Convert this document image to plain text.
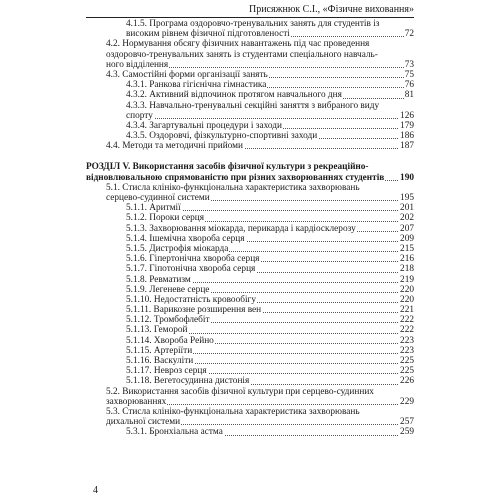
Присяжнюк С.І., «Фізичне виховання»
4.1.5. Програма оздоровчо-тренувальних занять для студентів із
високим рівнем фізичної підготовленості	72
4.2. Нормування обсягу фізичних навантажень під час проведення
оздоровчо-тренувальних занять із студентами спеціального навчаль-
ного відділення	73
4.3. Самостійні форми організації занять	75
4.3.1. Ранкова гігієнічна гімнастика	76
4.3.2. Активний відпочинок протягом навчального дня	81
4.3.3. Навчально-тренувальні секційні заняття з вибраного виду
спорту	126
4.3.4. Загартувальні процедури і заходи	179
4.3.5. Оздоровчі, фізкультурно-спортивні заходи	186
4.4. Методи та методичні прийоми	187
РОЗДІЛ V. Використання засобів фізичної культури з рекреаційно-
відновлювальною спрямованістю при різних захворюваннях студентів 190
5.1. Стисла клініко-функціональна характеристика захворювань
серцево-судинної системи	195
5.1.1. Аритмії	201
5.1.2. Пороки серця	202
5.1.3. Захворювання міокарда, перикарда і кардіосклерозу	207
5.1.4. Ішемічна хвороба серця	209
5.1.5. Дистрофія міокарда	215
5.1.6. Гіпертонічна хвороба серця	216
5.1.7. Гіпотонічна хвороба серця	218
5.1.8. Ревматизм	219
5.1.9. Легеневе серце	220
5.1.10. Недостатність кровообігу	220
5.1.11. Варикозне розширення вен	221
5.1.12. Тромбофлебіт	222
5.1.13. Геморой	222
5.1.14. Хвороба Рейно	223
5.1.15. Артеріїти	223
5.1.16. Васкуліти	225
5.1.17. Невроз серця	225
5.1.18. Вегетосудинна дистонія	226
5.2. Використання засобів фізичної культури при серцево-судинних
захворюваннях	229
5.3. Стисла клініко-функціональна характеристика захворювань
дихальної системи	257
5.3.1. Бронхіальна астма	259
4
